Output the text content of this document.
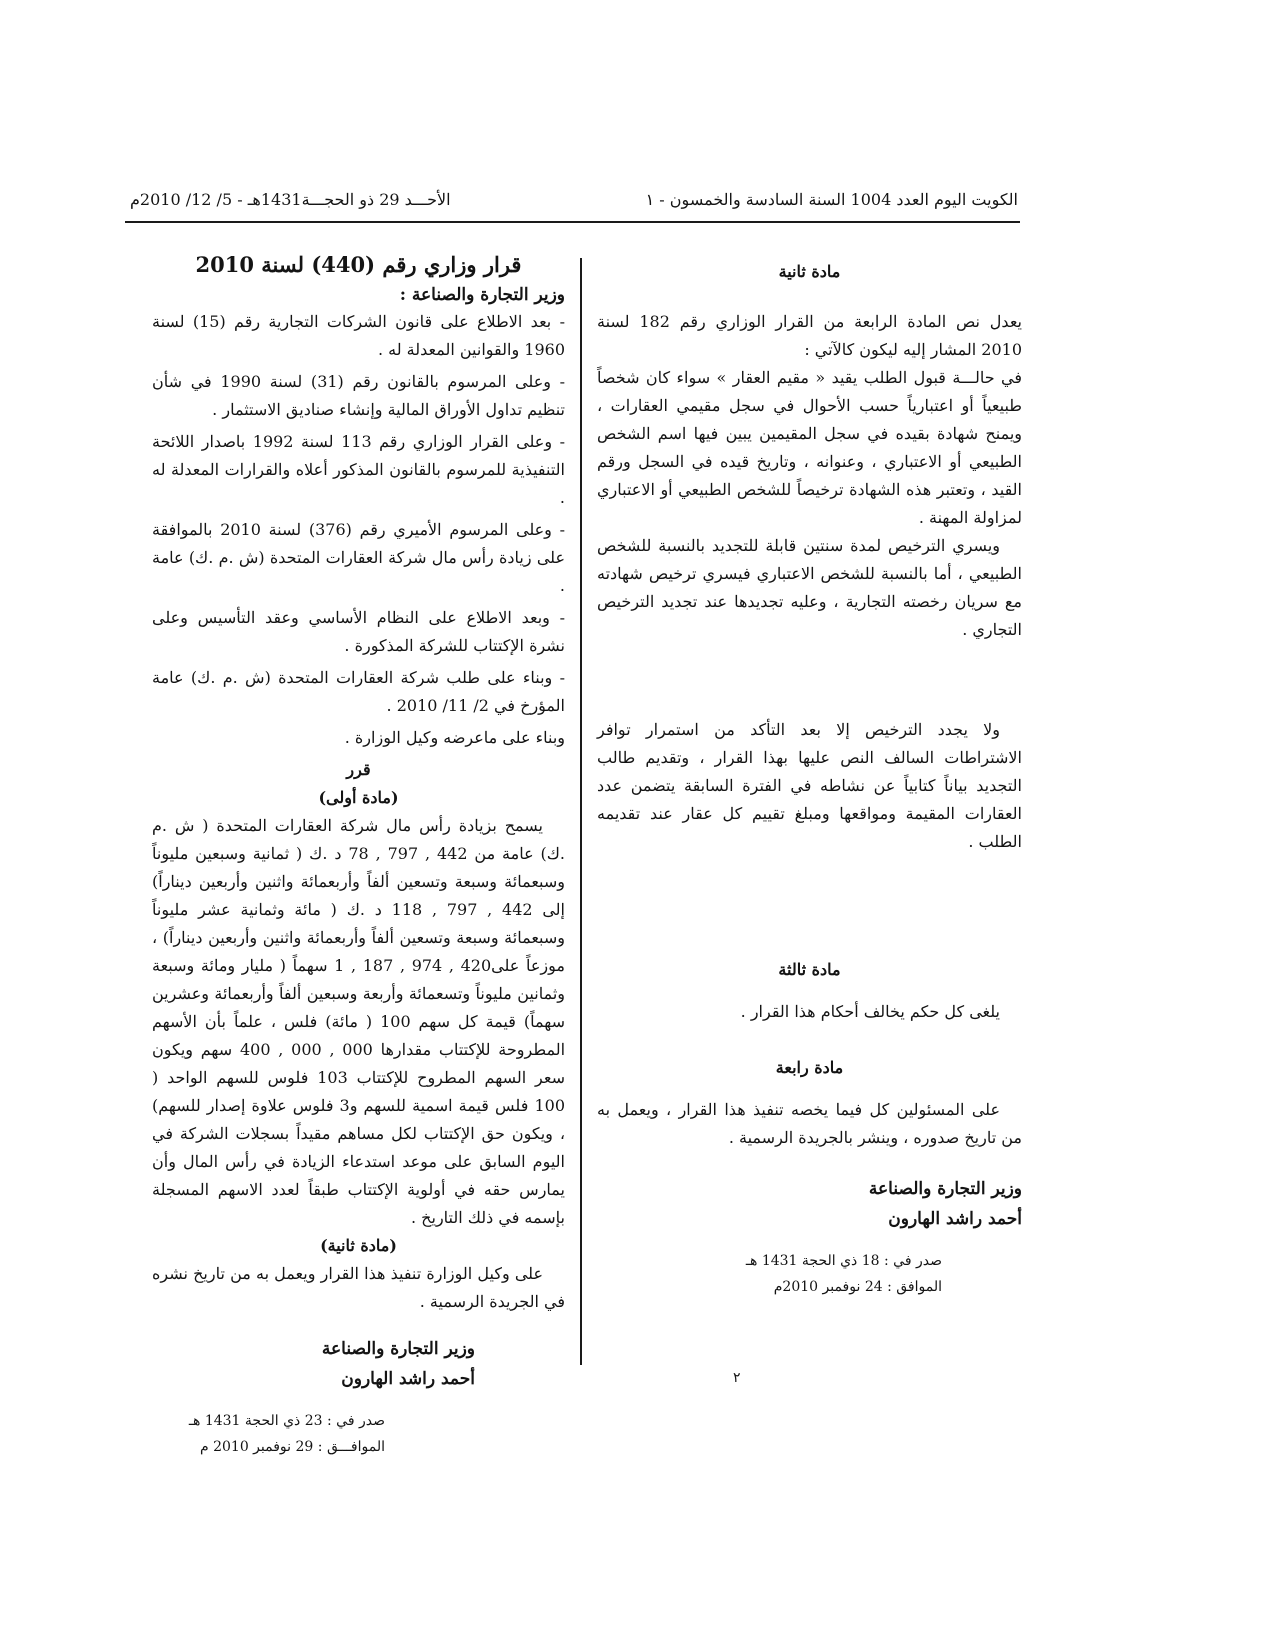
الكويت اليوم العدد 1004 السنة السادسة والخمسون - ١
الأحـــد 29 ذو الحجـــة1431هـ - 5/ 12/ 2010م

قرار وزاري رقم (440) لسنة 2010

وزير التجارة والصناعة :

- بعد الاطلاع على قانون الشركات التجارية رقم (15) لسنة 1960 والقوانين المعدلة له .

- وعلى المرسوم بالقانون رقم (31) لسنة 1990 في شأن تنظيم تداول الأوراق المالية وإنشاء صناديق الاستثمار .

- وعلى القرار الوزاري رقم 113 لسنة 1992 باصدار اللائحة التنفيذية للمرسوم بالقانون المذكور أعلاه والقرارات المعدلة له .

- وعلى المرسوم الأميري رقم (376) لسنة 2010 بالموافقة على زيادة رأس مال شركة العقارات المتحدة (ش .م .ك) عامة .

- وبعد الاطلاع على النظام الأساسي وعقد التأسيس وعلى نشرة الإكتتاب للشركة المذكورة .

- وبناء على طلب شركة العقارات المتحدة (ش .م .ك) عامة المؤرخ في 2/ 11/ 2010 .

وبناء على ماعرضه وكيل الوزارة .

قرر

(مادة أولى)

يسمح بزيادة رأس مال شركة العقارات المتحدة ( ش .م .ك) عامة من 442 , 797 , 78 د .ك ( ثمانية وسبعين مليوناً وسبعمائة وسبعة وتسعين ألفاً وأربعمائة واثنين وأربعين ديناراً) إلى 442 , 797 , 118 د .ك ( مائة وثمانية عشر مليوناً وسبعمائة وسبعة وتسعين ألفاً وأربعمائة واثنين وأربعين ديناراً) ، موزعاً على420 , 974 , 187 , 1 سهماً ( مليار ومائة وسبعة وثمانين مليوناً وتسعمائة وأربعة وسبعين ألفاً وأربعمائة وعشرين سهماً) قيمة كل سهم 100 ( مائة) فلس ، علماً بأن الأسهم المطروحة للإكتتاب مقدارها 000 , 000 , 400 سهم ويكون سعر السهم المطروح للإكتتاب 103 فلوس للسهم الواحد ( 100 فلس قيمة اسمية للسهم و3 فلوس علاوة إصدار للسهم) ، ويكون حق الإكتتاب لكل مساهم مقيداً بسجلات الشركة في اليوم السابق على موعد استدعاء الزيادة في رأس المال وأن يمارس حقه في أولوية الإكتتاب طبقاً لعدد الاسهم المسجلة بإسمه في ذلك التاريخ .

(مادة ثانية)

على وكيل الوزارة تنفيذ هذا القرار ويعمل به من تاريخ نشره في الجريدة الرسمية .

وزير التجارة والصناعة
أحمد راشد الهارون
صدر في : 23 ذي الحجة 1431 هـ
الموافـــق : 29 نوفمبر 2010 م

مادة ثانية

يعدل نص المادة الرابعة من القرار الوزاري رقم 182 لسنة 2010 المشار إليه ليكون كالآتي :

في حالـــة قبول الطلب يقيد « مقيم العقار » سواء كان شخصاً طبيعياً أو اعتبارياً حسب الأحوال في سجل مقيمي العقارات ، ويمنح شهادة بقيده في سجل المقيمين يبين فيها اسم الشخص الطبيعي أو الاعتباري ، وعنوانه ، وتاريخ قيده في السجل ورقم القيد ، وتعتبر هذه الشهادة ترخيصاً للشخص الطبيعي أو الاعتباري لمزاولة المهنة .

ويسري الترخيص لمدة سنتين قابلة للتجديد بالنسبة للشخص الطبيعي ، أما بالنسبة للشخص الاعتباري فيسري ترخيص شهادته مع سريان رخصته التجارية ، وعليه تجديدها عند تجديد الترخيص التجاري .

ولا يجدد الترخيص إلا بعد التأكد من استمرار توافر الاشتراطات السالف النص عليها بهذا القرار ، وتقديم طالب التجديد بياناً كتابياً عن نشاطه في الفترة السابقة يتضمن عدد العقارات المقيمة ومواقعها ومبلغ تقييم كل عقار عند تقديمه الطلب .

مادة ثالثة

يلغى كل حكم يخالف أحكام هذا القرار .

مادة رابعة

على المسئولين كل فيما يخصه تنفيذ هذا القرار ، ويعمل به من تاريخ صدوره ، وينشر بالجريدة الرسمية .

وزير التجارة والصناعة
أحمد راشد الهارون
صدر في : 18 ذي الحجة 1431 هـ
الموافق : 24 نوفمبر 2010م
٢
